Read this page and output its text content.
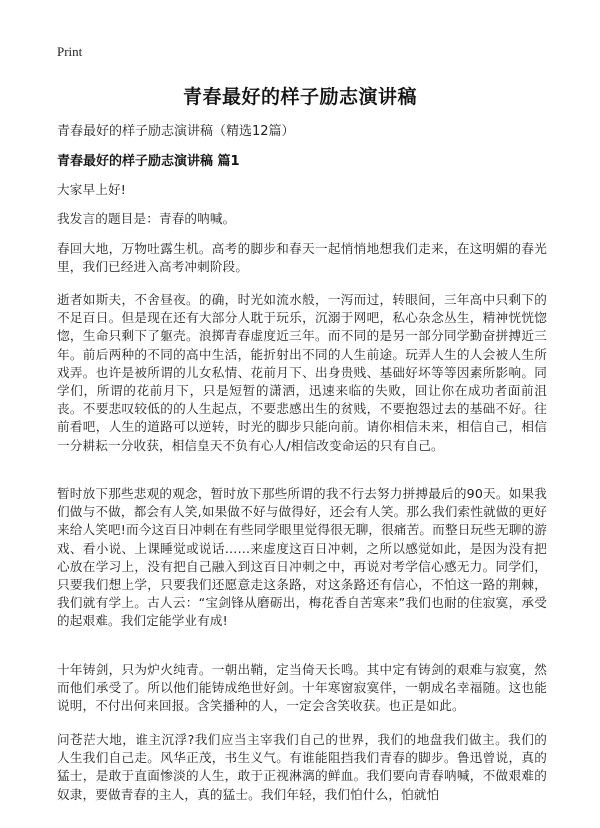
Print
青春最好的样子励志演讲稿
青春最好的样子励志演讲稿（精选12篇）
青春最好的样子励志演讲稿 篇1

大家早上好!

我发言的题目是：青春的呐喊。

春回大地，万物吐露生机。高考的脚步和春天一起悄悄地想我们走来，在这明媚的春光里，我们已经进入高考冲刺阶段。

逝者如斯夫，不舍昼夜。的确，时光如流水般，一泻而过，转眼间，三年高中只剩下的不足百日。但是现在还有大部分人耽于玩乐，沉溺于网吧，私心杂念丛生，精神恍恍惚惚，生命只剩下了躯壳。浪掷青春虚度近三年。而不同的是另一部分同学勤奋拼搏近三年。前后两种的不同的高中生活，能折射出不同的人生前途。玩弄人生的人会被人生所戏弄。也许是被所谓的儿女私情、花前月下、出身贵贱、基础好坏等等因素所影响。同学们，所谓的花前月下，只是短暂的潇洒，迅速来临的失败，回让你在成功者面前沮丧。不要悲叹较低的的人生起点，不要悲感出生的贫贱，不要抱怨过去的基础不好。往前看吧，人生的道路可以逆转，时光的脚步只能向前。请你相信未来，相信自己，相信一分耕耘一分收获，相信皇天不负有心人/相信改变命运的只有自己。

暂时放下那些悲观的观念，暂时放下那些所谓的我不行去努力拼搏最后的90天。如果我们做与不做，都会有人笑,如果做不好与做得好，还会有人笑。那么我们索性就做的更好来给人笑吧!而今这百日冲刺在有些同学眼里觉得很无聊，很痛苦。而整日玩些无聊的游戏、看小说、上课睡觉或说话……来虚度这百日冲刺，之所以感觉如此，是因为没有把心放在学习上，没有把自己融入到这百日冲刺之中，再说对考学信心感无力。同学们，只要我们想上学，只要我们还愿意走这条路，对这条路还有信心，不怕这一路的荆棘，我们就有学上。古人云：“宝剑锋从磨砺出，梅花香自苦寒来”我们也耐的住寂寞，承受的起艰难。我们定能学业有成!

十年铸剑，只为炉火纯青。一朝出鞘，定当倚天长鸣。其中定有铸剑的艰难与寂寞，然而他们承受了。所以他们能铸成绝世好剑。十年寒窗寂寞伴，一朝成名幸福随。这也能说明，不付出何来回报。含笑播种的人，一定会含笑收获。也正是如此。

问苍茫大地，谁主沉浮?我们应当主宰我们自己的世界，我们的地盘我们做主。我们的人生我们自己走。风华正茂，书生义气。有谁能阻挡我们青春的脚步。鲁迅曾说，真的猛士，是敢于直面惨淡的人生，敢于正视淋漓的鲜血。我们要向青春呐喊，不做艰难的奴隶，要做青春的主人，真的猛士。我们年轻，我们怕什么，怕就怕
